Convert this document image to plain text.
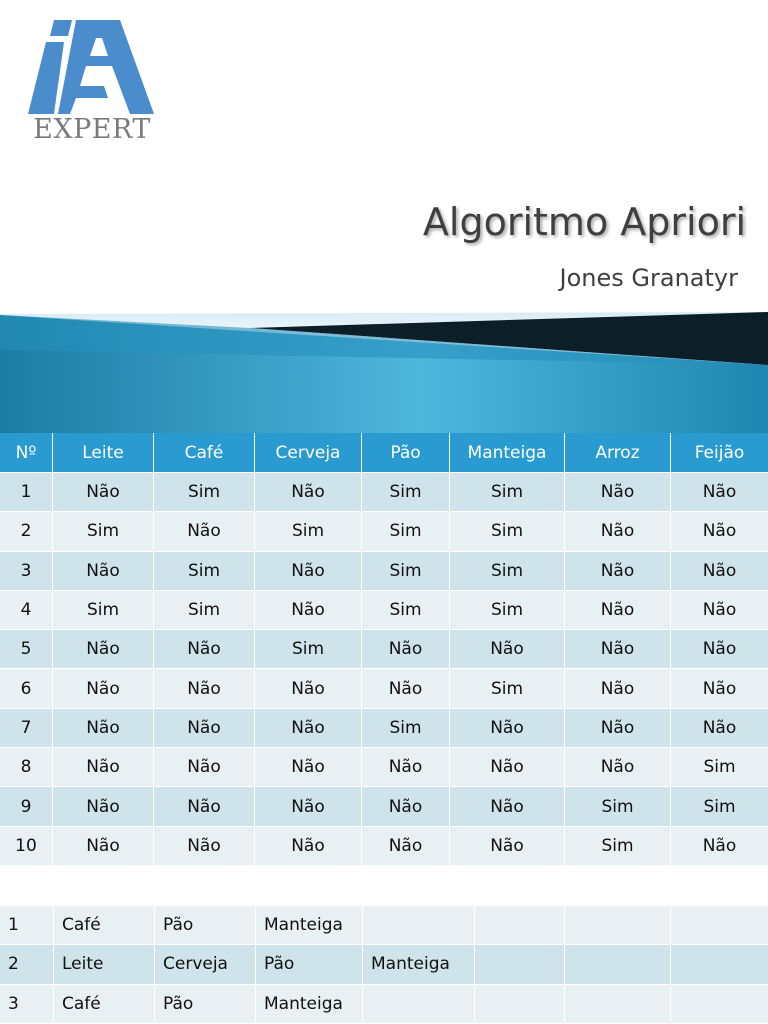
EXPERT
Algoritmo Apriori
Jones Granatyr
Nº	Leite	Café	Cerveja	Pão	Manteiga	Arroz	Feijão
1	Não	Sim	Não	Sim	Sim	Não	Não
2	Sim	Não	Sim	Sim	Sim	Não	Não
3	Não	Sim	Não	Sim	Sim	Não	Não
4	Sim	Sim	Não	Sim	Sim	Não	Não
5	Não	Não	Sim	Não	Não	Não	Não
6	Não	Não	Não	Não	Sim	Não	Não
7	Não	Não	Não	Sim	Não	Não	Não
8	Não	Não	Não	Não	Não	Não	Sim
9	Não	Não	Não	Não	Não	Sim	Sim
10	Não	Não	Não	Não	Não	Sim	Não
1	Café	Pão	Manteiga				
2	Leite	Cerveja	Pão	Manteiga			
3	Café	Pão	Manteiga				
